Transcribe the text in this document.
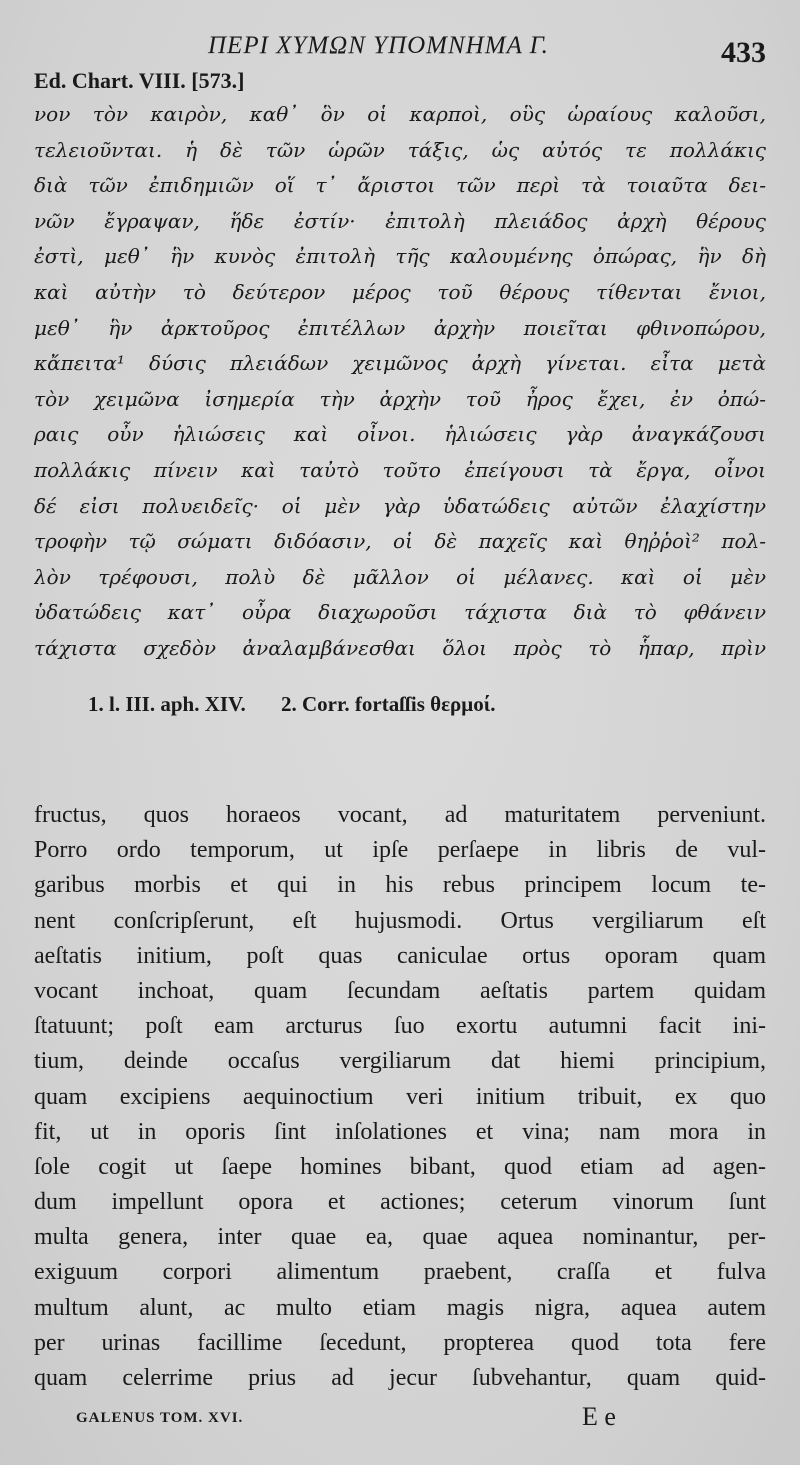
ΠΕΡΙ ΧΥΜΩΝ ΥΠΟΜΝΗΜΑ Γ.	433
Ed. Chart. VIII. [573.]
νον τὸν καιρὸν, καθ᾽ ὃν οἱ καρποὶ, οὓς ὡραίους καλοῦσι,
τελειοῦνται. ἡ δὲ τῶν ὡρῶν τάξις, ὡς αὐτός τε πολλάκις
διὰ τῶν ἐπιδημιῶν οἵ τ᾽ ἄριστοι τῶν περὶ τὰ τοιαῦτα δει-
νῶν ἔγραψαν, ἥδε ἐστίν· ἐπιτολὴ πλειάδος ἀρχὴ θέρους
ἐστὶ, μεθ᾽ ἣν κυνὸς ἐπιτολὴ τῆς καλουμένης ὀπώρας, ἣν δὴ
καὶ αὐτὴν τὸ δεύτερον μέρος τοῦ θέρους τίθενται ἔνιοι,
μεθ᾽ ἣν ἀρκτοῦρος ἐπιτέλλων ἀρχὴν ποιεῖται φθινοπώρου,
κἄπειτα¹ δύσις πλειάδων χειμῶνος ἀρχὴ γίνεται. εἶτα μετὰ
τὸν χειμῶνα ἰσημερία τὴν ἀρχὴν τοῦ ἦρος ἔχει, ἐν ὀπώ-
ραις οὖν ἡλιώσεις καὶ οἶνοι. ἡλιώσεις γὰρ ἀναγκάζουσι
πολλάκις πίνειν καὶ ταὐτὸ τοῦτο ἐπείγουσι τὰ ἔργα, οἶνοι
δέ εἰσι πολυειδεῖς· οἱ μὲν γὰρ ὑδατώδεις αὐτῶν ἐλαχίστην
τροφὴν τῷ σώματι διδόασιν, οἱ δὲ παχεῖς καὶ θηῤῥοὶ² πολ-
λὸν τρέφουσι, πολὺ δὲ μᾶλλον οἱ μέλανες. καὶ οἱ μὲν
ὑδατώδεις κατ᾽ οὖρα διαχωροῦσι τάχιστα διὰ τὸ φθάνειν
τάχιστα σχεδὸν ἀναλαμβάνεσθαι ὅλοι πρὸς τὸ ἧπαρ, πρὶν
1. l. III. aph. XIV. 2. Corr. fortaſſis θερμοί.
fructus, quos horaeos vocant, ad maturitatem perveniunt.
Porro ordo temporum, ut ipſe perſaepe in libris de vul-
garibus morbis et qui in his rebus principem locum te-
nent conſcripſerunt, eſt hujusmodi. Ortus vergiliarum eſt
aeſtatis initium, poſt quas caniculae ortus oporam quam
vocant inchoat, quam ſecundam aeſtatis partem quidam
ſtatuunt; poſt eam arcturus ſuo exortu autumni facit ini-
tium, deinde occaſus vergiliarum dat hiemi principium,
quam excipiens aequinoctium veri initium tribuit, ex quo
fit, ut in oporis ſint inſolationes et vina; nam mora in
ſole cogit ut ſaepe homines bibant, quod etiam ad agen-
dum impellunt opora et actiones; ceterum vinorum ſunt
multa genera, inter quae ea, quae aquea nominantur, per-
exiguum corpori alimentum praebent, craſſa et fulva
multum alunt, ac multo etiam magis nigra, aquea autem
per urinas facillime ſecedunt, propterea quod tota fere
quam celerrime prius ad jecur ſubvehantur, quam quid-
GALENUS TOM. XVI.	E e
